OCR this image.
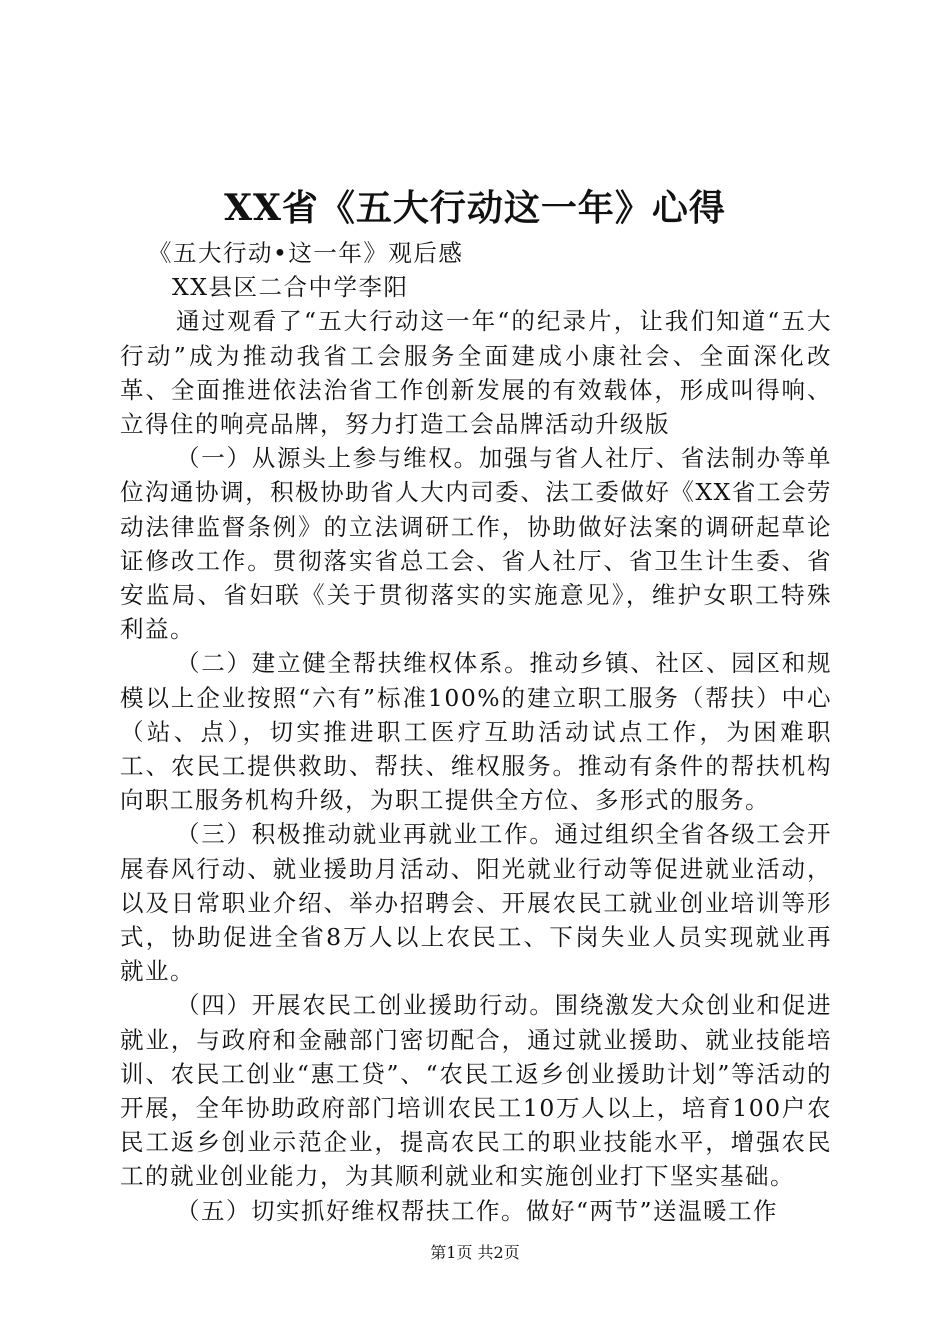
XX省《五大行动这一年》心得

《五大行动•这一年》观后感

XX县区二合中学李阳

通过观看了“五大行动这一年“的纪录片，让我们知道“五大行动”成为推动我省工会服务全面建成小康社会、全面深化改革、全面推进依法治省工作创新发展的有效载体，形成叫得响、立得住的响亮品牌，努力打造工会品牌活动升级版

（一）从源头上参与维权。加强与省人社厅、省法制办等单位沟通协调，积极协助省人大内司委、法工委做好《XX省工会劳动法律监督条例》的立法调研工作，协助做好法案的调研起草论证修改工作。贯彻落实省总工会、省人社厅、省卫生计生委、省安监局、省妇联《关于贯彻落实的实施意见》，维护女职工特殊利益。

（二）建立健全帮扶维权体系。推动乡镇、社区、园区和规模以上企业按照“六有”标准100%的建立职工服务（帮扶）中心（站、点），切实推进职工医疗互助活动试点工作，为困难职工、农民工提供救助、帮扶、维权服务。推动有条件的帮扶机构向职工服务机构升级，为职工提供全方位、多形式的服务。

（三）积极推动就业再就业工作。通过组织全省各级工会开展春风行动、就业援助月活动、阳光就业行动等促进就业活动，以及日常职业介绍、举办招聘会、开展农民工就业创业培训等形式，协助促进全省8万人以上农民工、下岗失业人员实现就业再就业。

（四）开展农民工创业援助行动。围绕激发大众创业和促进就业，与政府和金融部门密切配合，通过就业援助、就业技能培训、农民工创业“惠工贷”、“农民工返乡创业援助计划”等活动的开展，全年协助政府部门培训农民工10万人以上，培育100户农民工返乡创业示范企业，提高农民工的职业技能水平，增强农民工的就业创业能力，为其顺利就业和实施创业打下坚实基础。

（五）切实抓好维权帮扶工作。做好“两节”送温暖工作

第1页 共2页
